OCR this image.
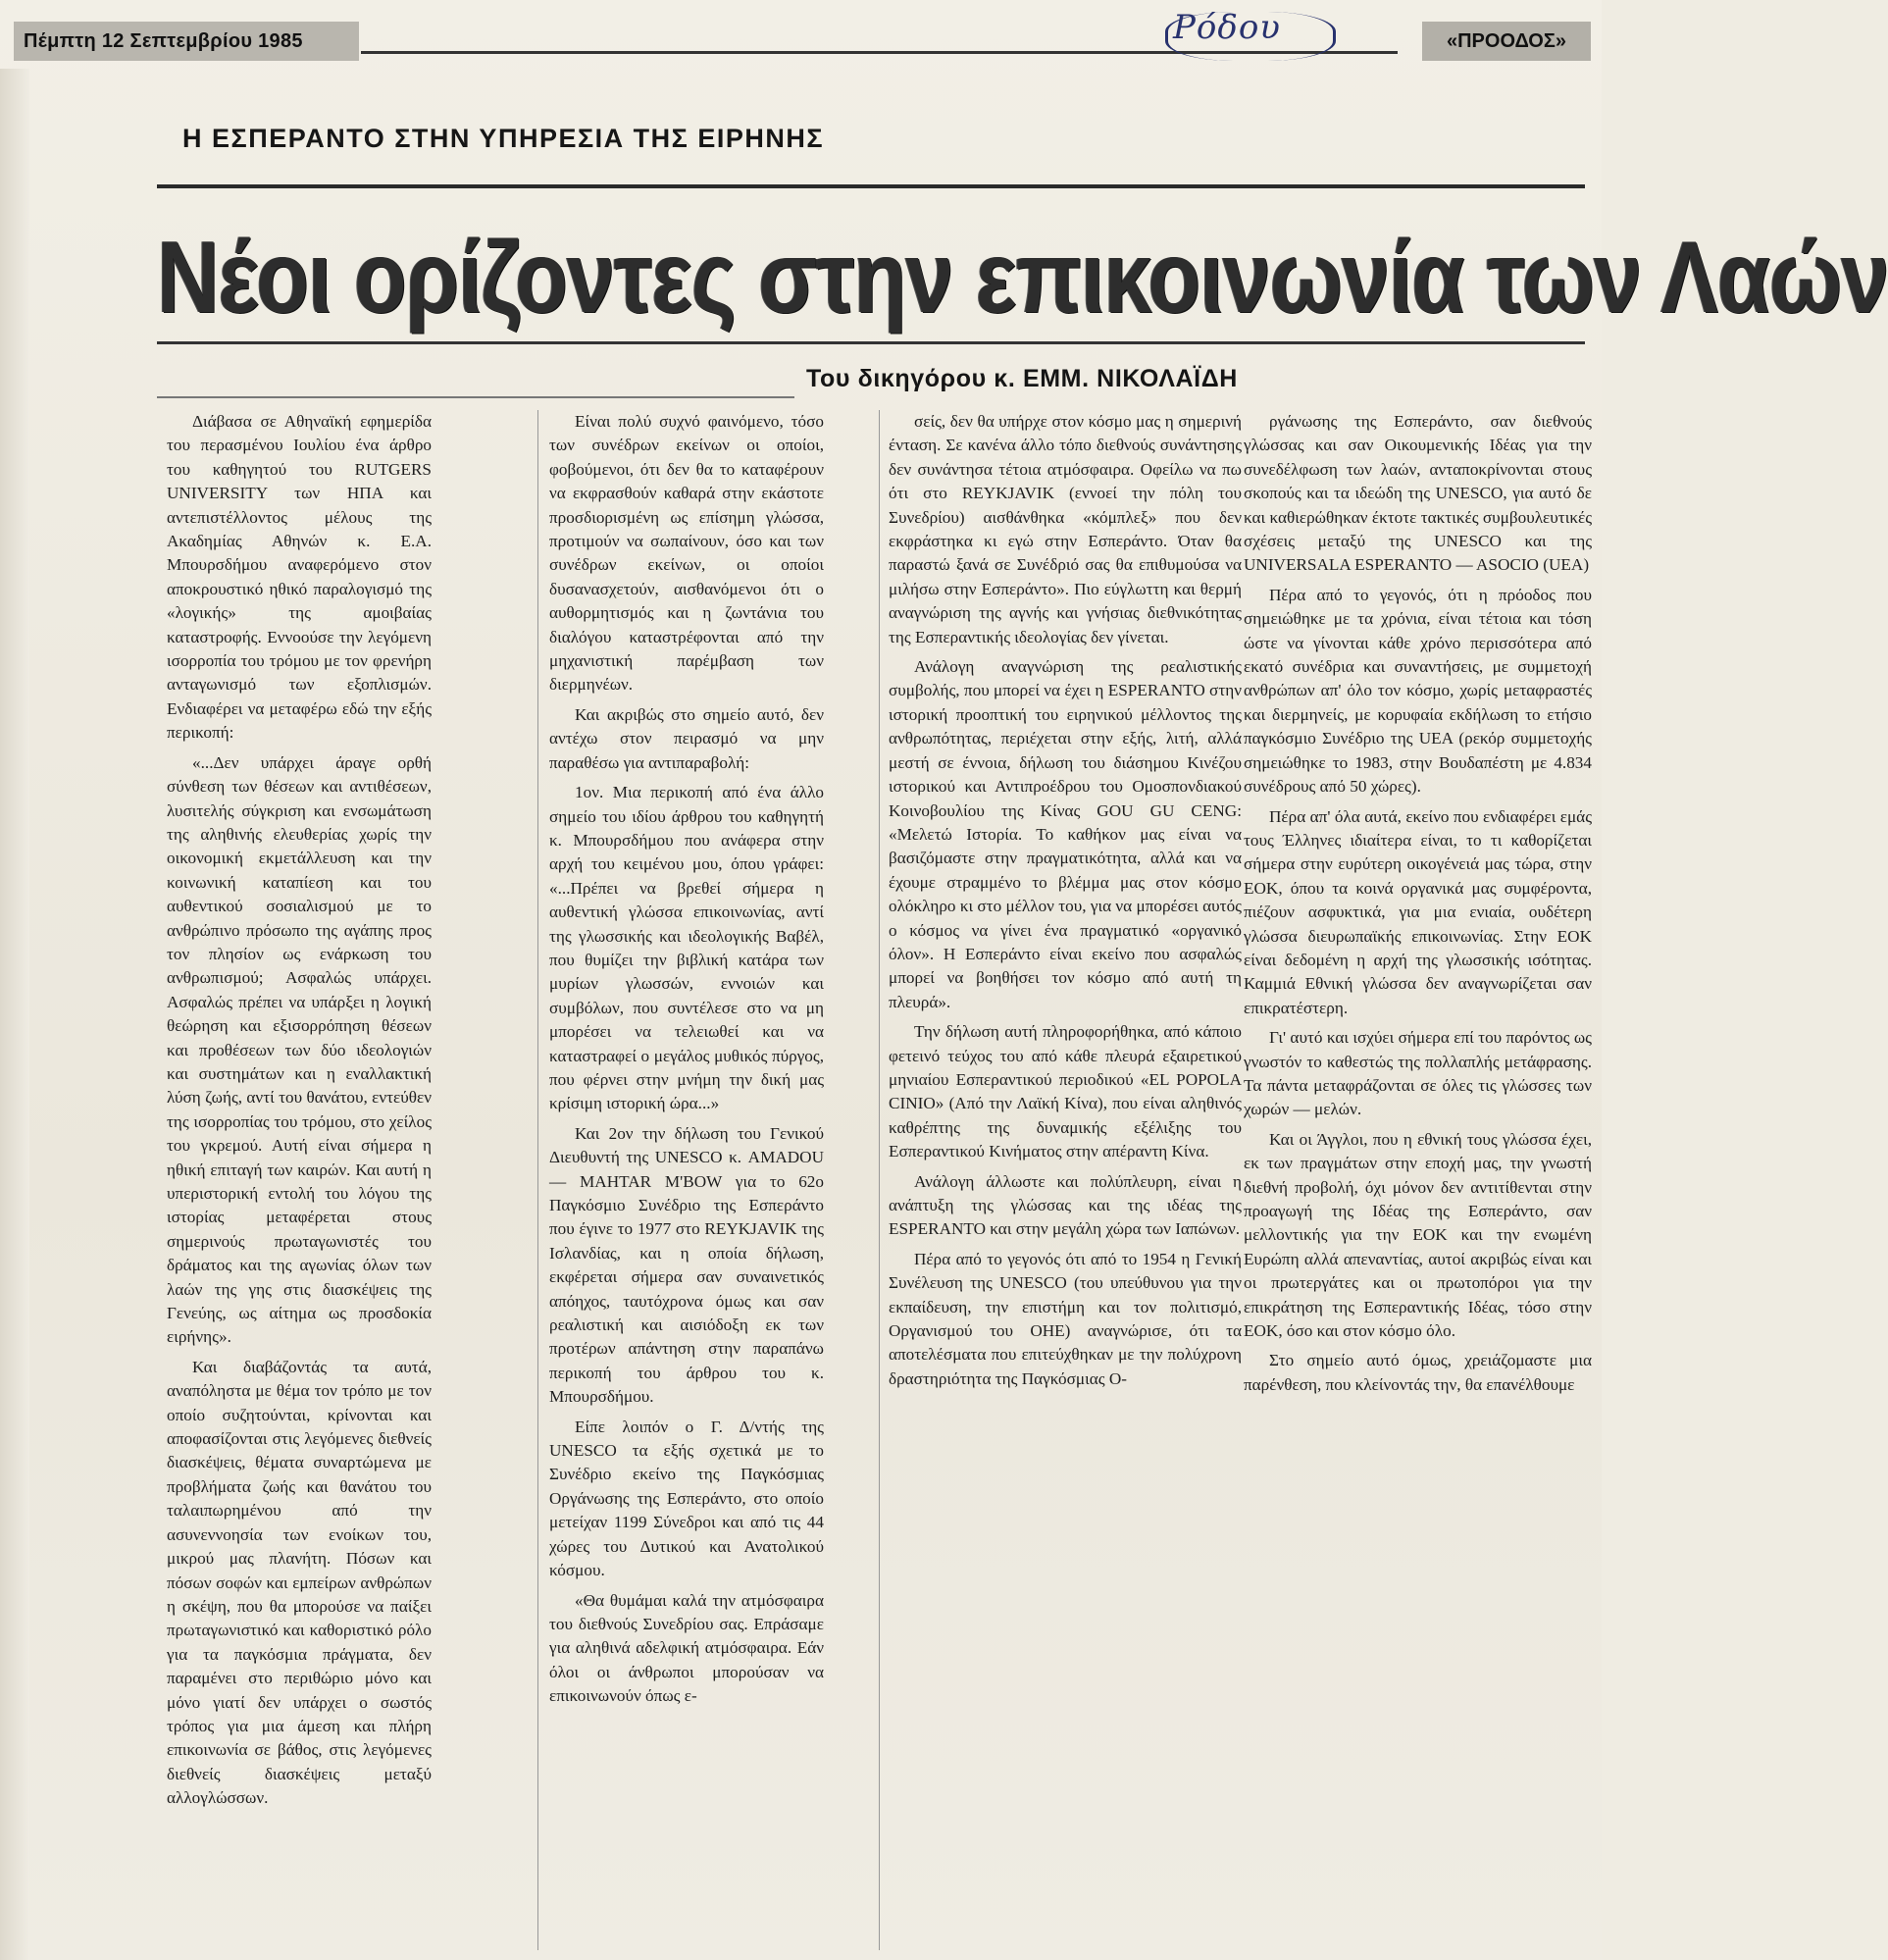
Πέμπτη 12 Σεπτεμβρίου 1985	Ρόδου	«ΠΡΟΟΔΟΣ»
Η ΕΣΠΕΡΑΝΤΟ ΣΤΗΝ ΥΠΗΡΕΣΙΑ ΤΗΣ ΕΙΡΗΝΗΣ
Νέοι ορίζοντες στην επικοινωνία των Λαών
Του δικηγόρου κ. ΕΜΜ. ΝΙΚΟΛΑΪΔΗ

Διάβασα σε Αθηναϊκή εφημερίδα του περασμένου Ιουλίου ένα άρθρο του καθηγητού του RUTGERS UNIVERSITY των ΗΠΑ και αντεπιστέλλοντος μέλους της Ακαδημίας Αθηνών κ. Ε.Α. Μπουρσδήμου αναφερόμενο στον αποκρουστικό ηθικό παραλογισμό της «λογικής» της αμοιβαίας καταστροφής. Εννοούσε την λεγόμενη ισορροπία του τρόμου με τον φρενήρη ανταγωνισμό των εξοπλισμών. Ενδιαφέρει να μεταφέρω εδώ την εξής περικοπή:

«...Δεν υπάρχει άραγε ορθή σύνθεση των θέσεων και αντιθέσεων, λυσιτελής σύγκριση και ενσωμάτωση της αληθινής ελευθερίας χωρίς την οικονομική εκμετάλλευση και την κοινωνική καταπίεση και του αυθεντικού σοσιαλισμού με το ανθρώπινο πρόσωπο της αγάπης προς τον πλησίον ως ενάρκωση του ανθρωπισμού; Ασφαλώς υπάρχει. Ασφαλώς πρέπει να υπάρξει η λογική θεώρηση και εξισορρόπηση θέσεων και προθέσεων των δύο ιδεολογιών και συστημάτων και η εναλλακτική λύση ζωής, αντί του θανάτου, εντεύθεν της ισορροπίας του τρόμου, στο χείλος του γκρεμού. Αυτή είναι σήμερα η ηθική επιταγή των καιρών. Και αυτή η υπεριστορική εντολή του λόγου της ιστορίας μεταφέρεται στους σημερινούς πρωταγωνιστές του δράματος και της αγωνίας όλων των λαών της γης στις διασκέψεις της Γενεύης, ως αίτημα ως προσδοκία ειρήνης».

Και διαβάζοντάς τα αυτά, αναπόληστα με θέμα τον τρόπο με τον οποίο συζητούνται, κρίνονται και αποφασίζονται στις λεγόμενες διεθνείς διασκέψεις, θέματα συναρτώμενα με προβλήματα ζωής και θανάτου του ταλαιπωρημένου από την ασυνεννοησία των ενοίκων του, μικρού μας πλανήτη. Πόσων και πόσων σοφών και εμπείρων ανθρώπων η σκέψη, που θα μπορούσε να παίξει πρωταγωνιστικό και καθοριστικό ρόλο για τα παγκόσμια πράγματα, δεν παραμένει στο περιθώριο μόνο και μόνο γιατί δεν υπάρχει ο σωστός τρόπος για μια άμεση και πλήρη επικοινωνία σε βάθος, στις λεγόμενες διεθνείς διασκέψεις μεταξύ αλλογλώσσων.

Είναι πολύ συχνό φαινόμενο, τόσο των συνέδρων εκείνων οι οποίοι, φοβούμενοι, ότι δεν θα το καταφέρουν να εκφρασθούν καθαρά στην εκάστοτε προσδιορισμένη ως επίσημη γλώσσα, προτιμούν να σωπαίνουν, όσο και των συνέδρων εκείνων, οι οποίοι δυσανασχετούν, αισθανόμενοι ότι ο αυθορμητισμός και η ζωντάνια του διαλόγου καταστρέφονται από την μηχανιστική παρέμβαση των διερμηνέων.

Και ακριβώς στο σημείο αυτό, δεν αντέχω στον πειρασμό να μην παραθέσω για αντιπαραβολή:

1ον. Μια περικοπή από ένα άλλο σημείο του ιδίου άρθρου του καθηγητή κ. Μπουρσδήμου που ανάφερα στην αρχή του κειμένου μου, όπου γράφει: «...Πρέπει να βρεθεί σήμερα η αυθεντική γλώσσα επικοινωνίας, αντί της γλωσσικής και ιδεολογικής Βαβέλ, που θυμίζει την βιβλική κατάρα των μυρίων γλωσσών, εννοιών και συμβόλων, που συντέλεσε στο να μη μπορέσει να τελειωθεί και να καταστραφεί ο μεγάλος μυθικός πύργος, που φέρνει στην μνήμη την δική μας κρίσιμη ιστορική ώρα...»

Και 2ον την δήλωση του Γενικού Διευθυντή της UNESCO κ. AMADOU — MAHTAR M'BOW για το 62ο Παγκόσμιο Συνέδριο της Εσπεράντο που έγινε το 1977 στο REYKJAVIK της Ισλανδίας, και η οποία δήλωση, εκφέρεται σήμερα σαν συναινετικός απόηχος, ταυτόχρονα όμως και σαν ρεαλιστική και αισιόδοξη εκ των προτέρων απάντηση στην παραπάνω περικοπή του άρθρου του κ. Μπουρσδήμου.

Είπε λοιπόν ο Γ. Δ/ντής της UNESCO τα εξής σχετικά με το Συνέδριο εκείνο της Παγκόσμιας Οργάνωσης της Εσπεράντο, στο οποίο μετείχαν 1199 Σύνεδροι και από τις 44 χώρες του Δυτικού και Ανατολικού κόσμου.

«Θα θυμάμαι καλά την ατμόσφαιρα του διεθνούς Συνεδρίου σας. Επράσαμε για αληθινά αδελφική ατμόσφαιρα. Εάν όλοι οι άνθρωποι μπορούσαν να επικοινωνούν όπως ε-

σείς, δεν θα υπήρχε στον κόσμο μας η σημερινή ένταση. Σε κανένα άλλο τόπο διεθνούς συνάντησης δεν συνάντησα τέτοια ατμόσφαιρα. Οφείλω να πω ότι στο REYKJAVIK (εννοεί την πόλη του Συνεδρίου) αισθάνθηκα «κόμπλεξ» που δεν εκφράστηκα κι εγώ στην Εσπεράντο. Όταν θα παραστώ ξανά σε Συνέδριό σας θα επιθυμούσα να μιλήσω στην Εσπεράντο». Πιο εύγλωττη και θερμή αναγνώριση της αγνής και γνήσιας διεθνικότητας της Εσπεραντικής ιδεολογίας δεν γίνεται.

Ανάλογη αναγνώριση της ρεαλιστικής συμβολής, που μπορεί να έχει η ESPERANTO στην ιστορική προοπτική του ειρηνικού μέλλοντος της ανθρωπότητας, περιέχεται στην εξής, λιτή, αλλά μεστή σε έννοια, δήλωση του διάσημου Κινέζου ιστορικού και Αντιπροέδρου του Ομοσπονδιακού Κοινοβουλίου της Κίνας GOU GU CENG: «Μελετώ Ιστορία. Το καθήκον μας είναι να βασιζόμαστε στην πραγματικότητα, αλλά και να έχουμε στραμμένο το βλέμμα μας στον κόσμο ολόκληρο κι στο μέλλον του, για να μπορέσει αυτός ο κόσμος να γίνει ένα πραγματικό «οργανικό όλον». Η Εσπεράντο είναι εκείνο που ασφαλώς μπορεί να βοηθήσει τον κόσμο από αυτή τη πλευρά».

Την δήλωση αυτή πληροφορήθηκα, από κάποιο φετεινό τεύχος του από κάθε πλευρά εξαιρετικού μηνιαίου Εσπεραντικού περιοδικού «EL POPOLA CINIO» (Από την Λαϊκή Κίνα), που είναι αληθινός καθρέπτης της δυναμικής εξέλιξης του Εσπεραντικού Κινήματος στην απέραντη Κίνα.

Ανάλογη άλλωστε και πολύπλευρη, είναι η ανάπτυξη της γλώσσας και της ιδέας της ESPERANTO και στην μεγάλη χώρα των Ιαπώνων.

Πέρα από το γεγονός ότι από το 1954 η Γενική Συνέλευση της UNESCO (του υπεύθυνου για την εκπαίδευση, την επιστήμη και τον πολιτισμό, Οργανισμού του ΟΗΕ) αναγνώρισε, ότι τα αποτελέσματα που επιτεύχθηκαν με την πολύχρονη δραστηριότητα της Παγκόσμιας Ο-

ργάνωσης της Εσπεράντο, σαν διεθνούς γλώσσας και σαν Οικουμενικής Ιδέας για την συνεδέλφωση των λαών, ανταποκρίνονται στους σκοπούς και τα ιδεώδη της UNESCO, για αυτό δε και καθιερώθηκαν έκτοτε τακτικές συμβουλευτικές σχέσεις μεταξύ της UNESCO και της UNIVERSALA ESPERANTO — ASOCIO (UEA)

Πέρα από το γεγονός, ότι η πρόοδος που σημειώθηκε με τα χρόνια, είναι τέτοια και τόση ώστε να γίνονται κάθε χρόνο περισσότερα από εκατό συνέδρια και συναντήσεις, με συμμετοχή ανθρώπων απ' όλο τον κόσμο, χωρίς μεταφραστές και διερμηνείς, με κορυφαία εκδήλωση το ετήσιο παγκόσμιο Συνέδριο της UEA (ρεκόρ συμμετοχής σημειώθηκε το 1983, στην Βουδαπέστη με 4.834 συνέδρους από 50 χώρες).

Πέρα απ' όλα αυτά, εκείνο που ενδιαφέρει εμάς τους Έλληνες ιδιαίτερα είναι, το τι καθορίζεται σήμερα στην ευρύτερη οικογένειά μας τώρα, στην ΕΟΚ, όπου τα κοινά οργανικά μας συμφέροντα, πιέζουν ασφυκτικά, για μια ενιαία, ουδέτερη γλώσσα διευρωπαϊκής επικοινωνίας. Στην ΕΟΚ είναι δεδομένη η αρχή της γλωσσικής ισότητας. Καμμιά Εθνική γλώσσα δεν αναγνωρίζεται σαν επικρατέστερη.

Γι' αυτό και ισχύει σήμερα επί του παρόντος ως γνωστόν το καθεστώς της πολλαπλής μετάφρασης. Τα πάντα μεταφράζονται σε όλες τις γλώσσες των χωρών — μελών.

Και οι Άγγλοι, που η εθνική τους γλώσσα έχει, εκ των πραγμάτων στην εποχή μας, την γνωστή διεθνή προβολή, όχι μόνον δεν αντιτίθενται στην προαγωγή της Ιδέας της Εσπεράντο, σαν μελλοντικής για την ΕΟΚ και την ενωμένη Ευρώπη αλλά απεναντίας, αυτοί ακριβώς είναι και οι πρωτεργάτες και οι πρωτοπόροι για την επικράτηση της Εσπεραντικής Ιδέας, τόσο στην ΕΟΚ, όσο και στον κόσμο όλο.

Στο σημείο αυτό όμως, χρειάζομαστε μια παρένθεση, που κλείνοντάς την, θα επανέλθουμε
